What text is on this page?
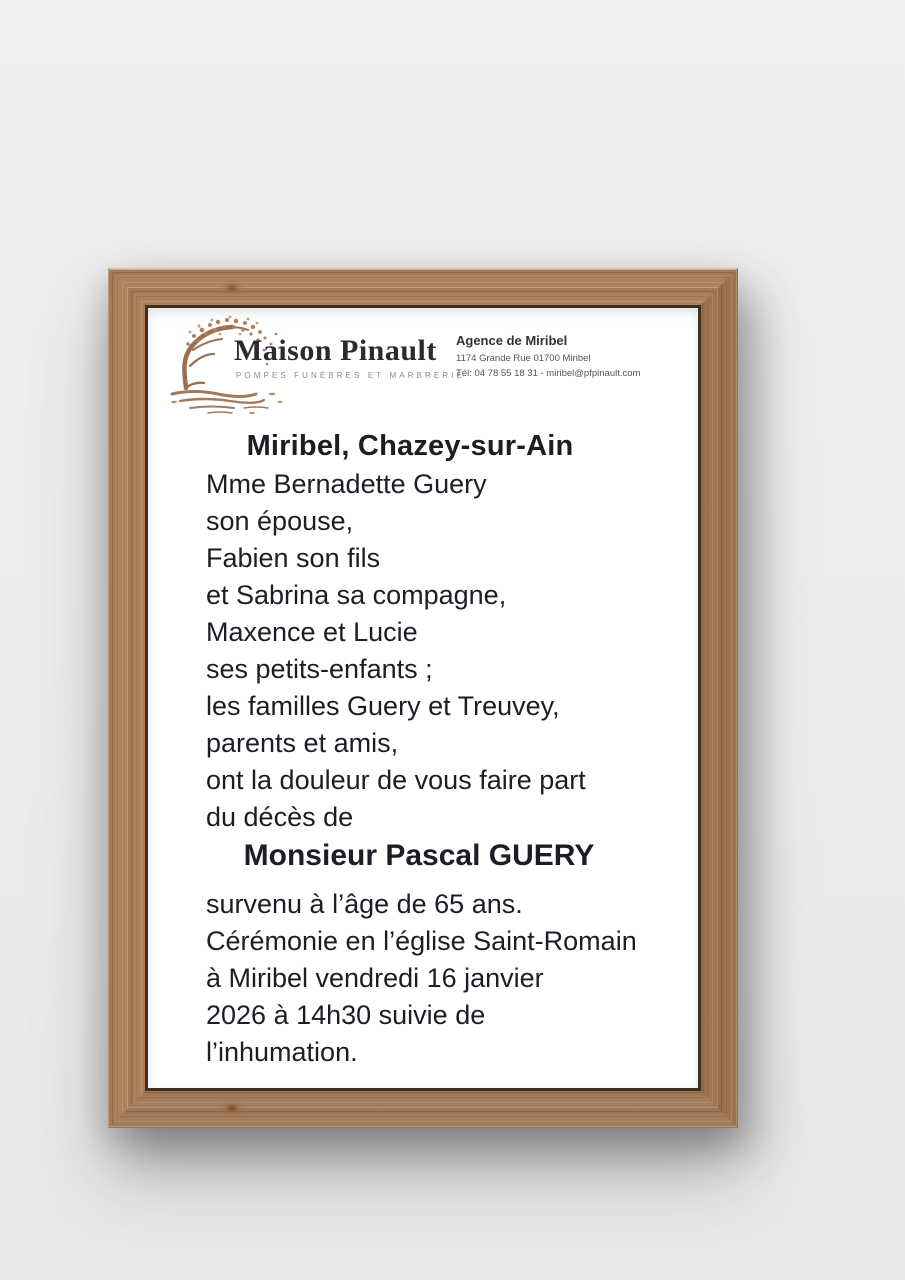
Maison Pinault
POMPES FUNÈBRES ET MARBRERIE
Agence de Miribel
1174 Grande Rue 01700 Miribel
Tél: 04 78 55 18 31 - miribel@pfpinault.com
Miribel, Chazey-sur-Ain
Mme Bernadette Guery
son épouse,
Fabien son fils
et Sabrina sa compagne,
Maxence et Lucie
ses petits-enfants ;
les familles Guery et Treuvey,
parents et amis,
ont la douleur de vous faire part
du décès de
Monsieur Pascal GUERY
survenu à l’âge de 65 ans.
Cérémonie en l’église Saint-Romain
à Miribel vendredi 16 janvier
2026 à 14h30 suivie de
l’inhumation.
